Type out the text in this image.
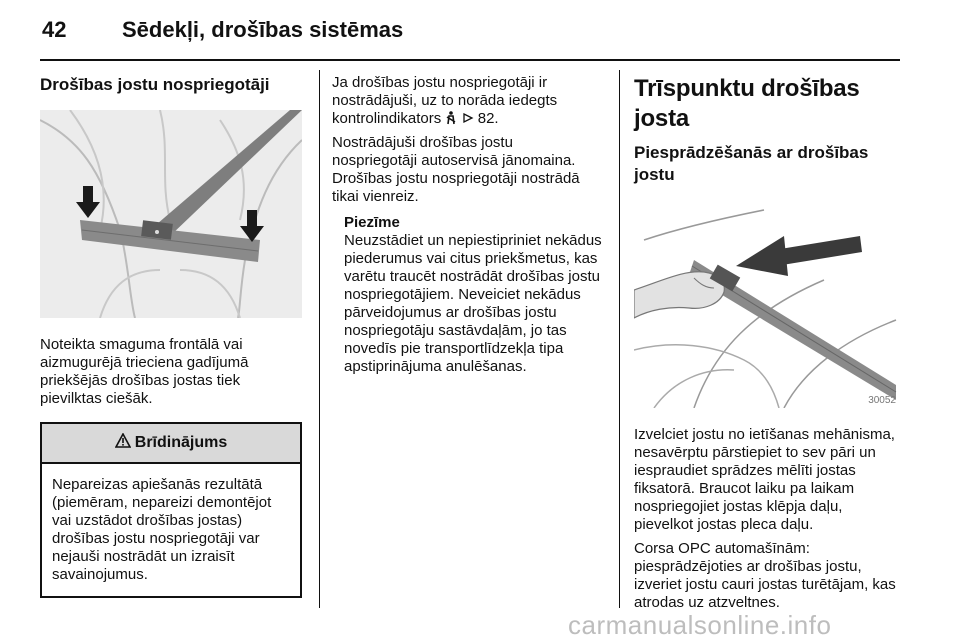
42	Sēdekļi, drošības sistēmas
Drošības jostu nospriegotāji

Noteikta smaguma frontālā vai aizmugurējā trieciena gadījumā priekšējās drošības jostas tiek pievilktas ciešāk.

Brīdinājums

Nepareizas apiešanās rezultātā (piemēram, nepareizi demontējot vai uzstādot drošības jostas) drošības jostu nospriegotāji var nejauši nostrādāt un izraisīt savainojumus.

Ja drošības jostu nospriegotāji ir nostrādājuši, uz to norāda iedegts kontrolindikators 82.

Nostrādājuši drošības jostu nospriegotāji autoservisā jānomaina. Drošības jostu nospriegotāji nostrādā tikai vienreiz.

Piezīme

Neuzstādiet un nepiestipriniet nekādus piederumus vai citus priekšmetus, kas varētu traucēt nostrādāt drošības jostu nospriegotājiem. Neveiciet nekādus pārveidojumus ar drošības jostu nospriegotāju sastāvdaļām, jo tas novedīs pie transportlīdzekļa tipa apstiprinājuma anulēšanas.

Trīspunktu drošības josta
Piesprādzēšanās ar drošības jostu
30052

Izvelciet jostu no ietīšanas mehānisma, nesavērptu pārstiepiet to sev pāri un iespraudiet sprādzes mēlīti jostas fiksatorā. Braucot laiku pa laikam nospriegojiet jostas klēpja daļu, pievelkot jostas pleca daļu.

Corsa OPC automašīnām: piesprādzējoties ar drošības jostu, izveriet jostu cauri jostas turētājam, kas atrodas uz atzveltnes.

carmanualsonline.info
